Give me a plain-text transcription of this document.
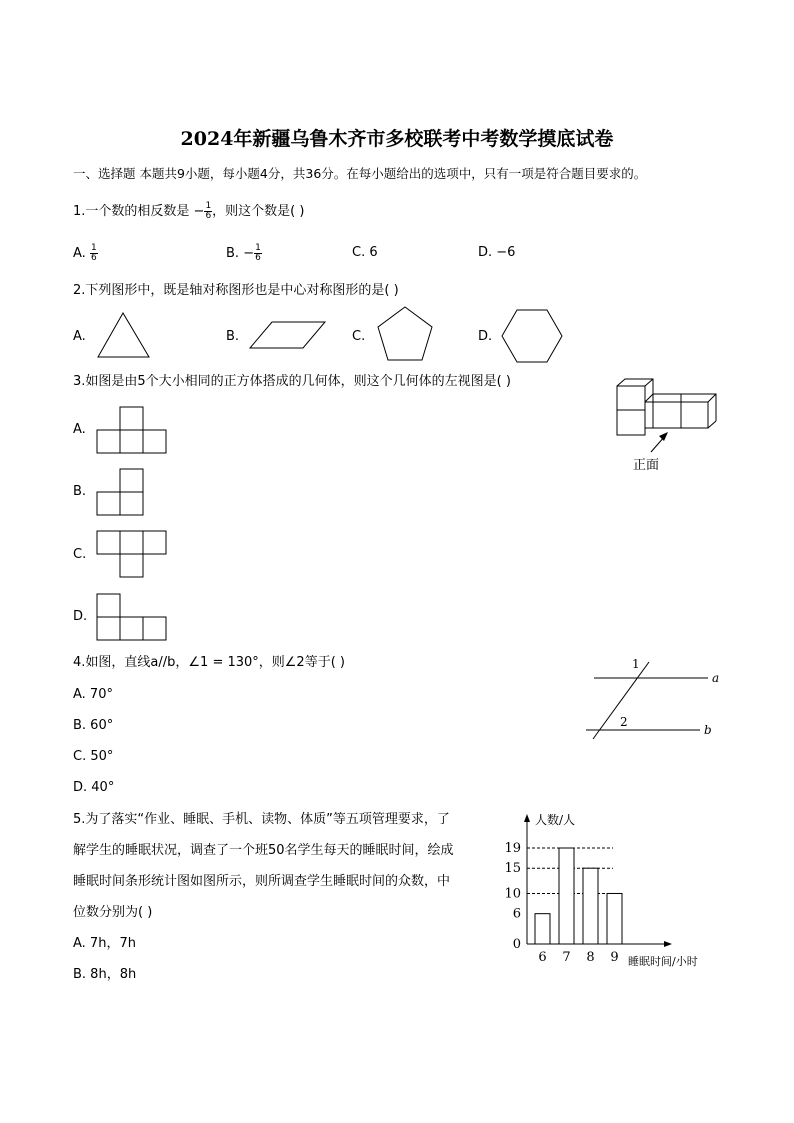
2024年新疆乌鲁木齐市多校联考中考数学摸底试卷
一、选择题 本题共9小题，每小题4分，共36分。在每小题给出的选项中，只有一项是符合题目要求的。
1.一个数的相反数是 − $\frac{1}{6}$ ，则这个数是( )
A. $\frac{1}{6}$	B. − $\frac{1}{6}$	C. 6	D. −6
2.下列图形中，既是轴对称图形也是中心对称图形的是( )
A.	B.	C.	D.
3.如图是由5个大小相同的正方体搭成的几何体，则这个几何体的左视图是( )
正面
A.
B.
C.
D.
4.如图，直线a//b，∠1 = 130°，则∠2等于( )
A. 70°
B. 60°
C. 50°
D. 40°
1
2
a
b
5.为了落实“作业、睡眠、手机、读物、体质”等五项管理要求，了
解学生的睡眠状况，调查了一个班50名学生每天的睡眠时间，绘成
睡眠时间条形统计图如图所示，则所调查学生睡眠时间的众数，中
位数分别为( )
A. 7h，7h
B. 8h，8h
0
6
10
15
19
6 7 8 9
人数/人
睡眠时间/小时
